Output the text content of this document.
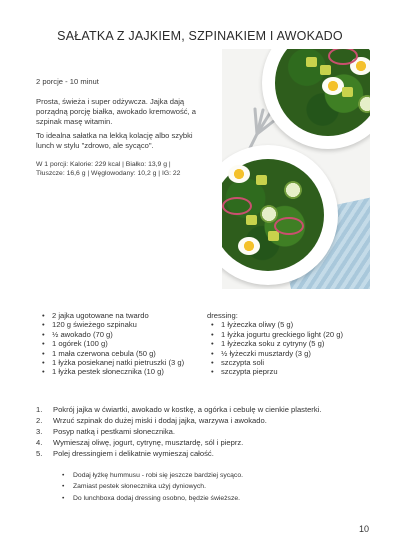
SAŁATKA Z JAJKIEM, SZPINAKIEM I AWOKADO

2 porcje - 10 minut

Prosta, świeża i super odżywcza. Jajka dają porządną porcję białka, awokado kremowość, a szpinak masę witamin.

To idealna sałatka na lekką kolację albo szybki lunch w stylu "zdrowo, ale sycąco".

W 1 porcji: Kalorie: 229 kcal | Białko: 13,9 g |

Tłuszcze: 16,6 g | Węglowodany: 10,2 g | IG: 22

• 2 jajka ugotowane na twardo
• 120 g świeżego szpinaku
• ½ awokado (70 g)
• 1 ogórek (100 g)
• 1 mała czerwona cebula (50 g)
• 1 łyżka posiekanej natki pietruszki (3 g)
• 1 łyżka pestek słonecznika (10 g)

dressing:

• 1 łyżeczka oliwy (5 g)
• 1 łyżka jogurtu greckiego light (20 g)
• 1 łyżeczka soku z cytryny (5 g)
• ½ łyżeczki musztardy (3 g)
• szczypta soli
• szczypta pieprzu
1. Pokrój jajka w ćwiartki, awokado w kostkę, a ogórka i cebulę w cienkie plasterki.
2. Wrzuć szpinak do dużej miski i dodaj jajka, warzywa i awokado.
3. Posyp natką i pestkami słonecznika.
4. Wymieszaj oliwę, jogurt, cytrynę, musztardę, sól i pieprz.
5. Polej dressingiem i delikatnie wymieszaj całość.
• Dodaj łyżkę hummusu - robi się jeszcze bardziej sycąco.
• Zamiast pestek słonecznika użyj dyniowych.
• Do lunchboxa dodaj dressing osobno, będzie świeższe.
10
